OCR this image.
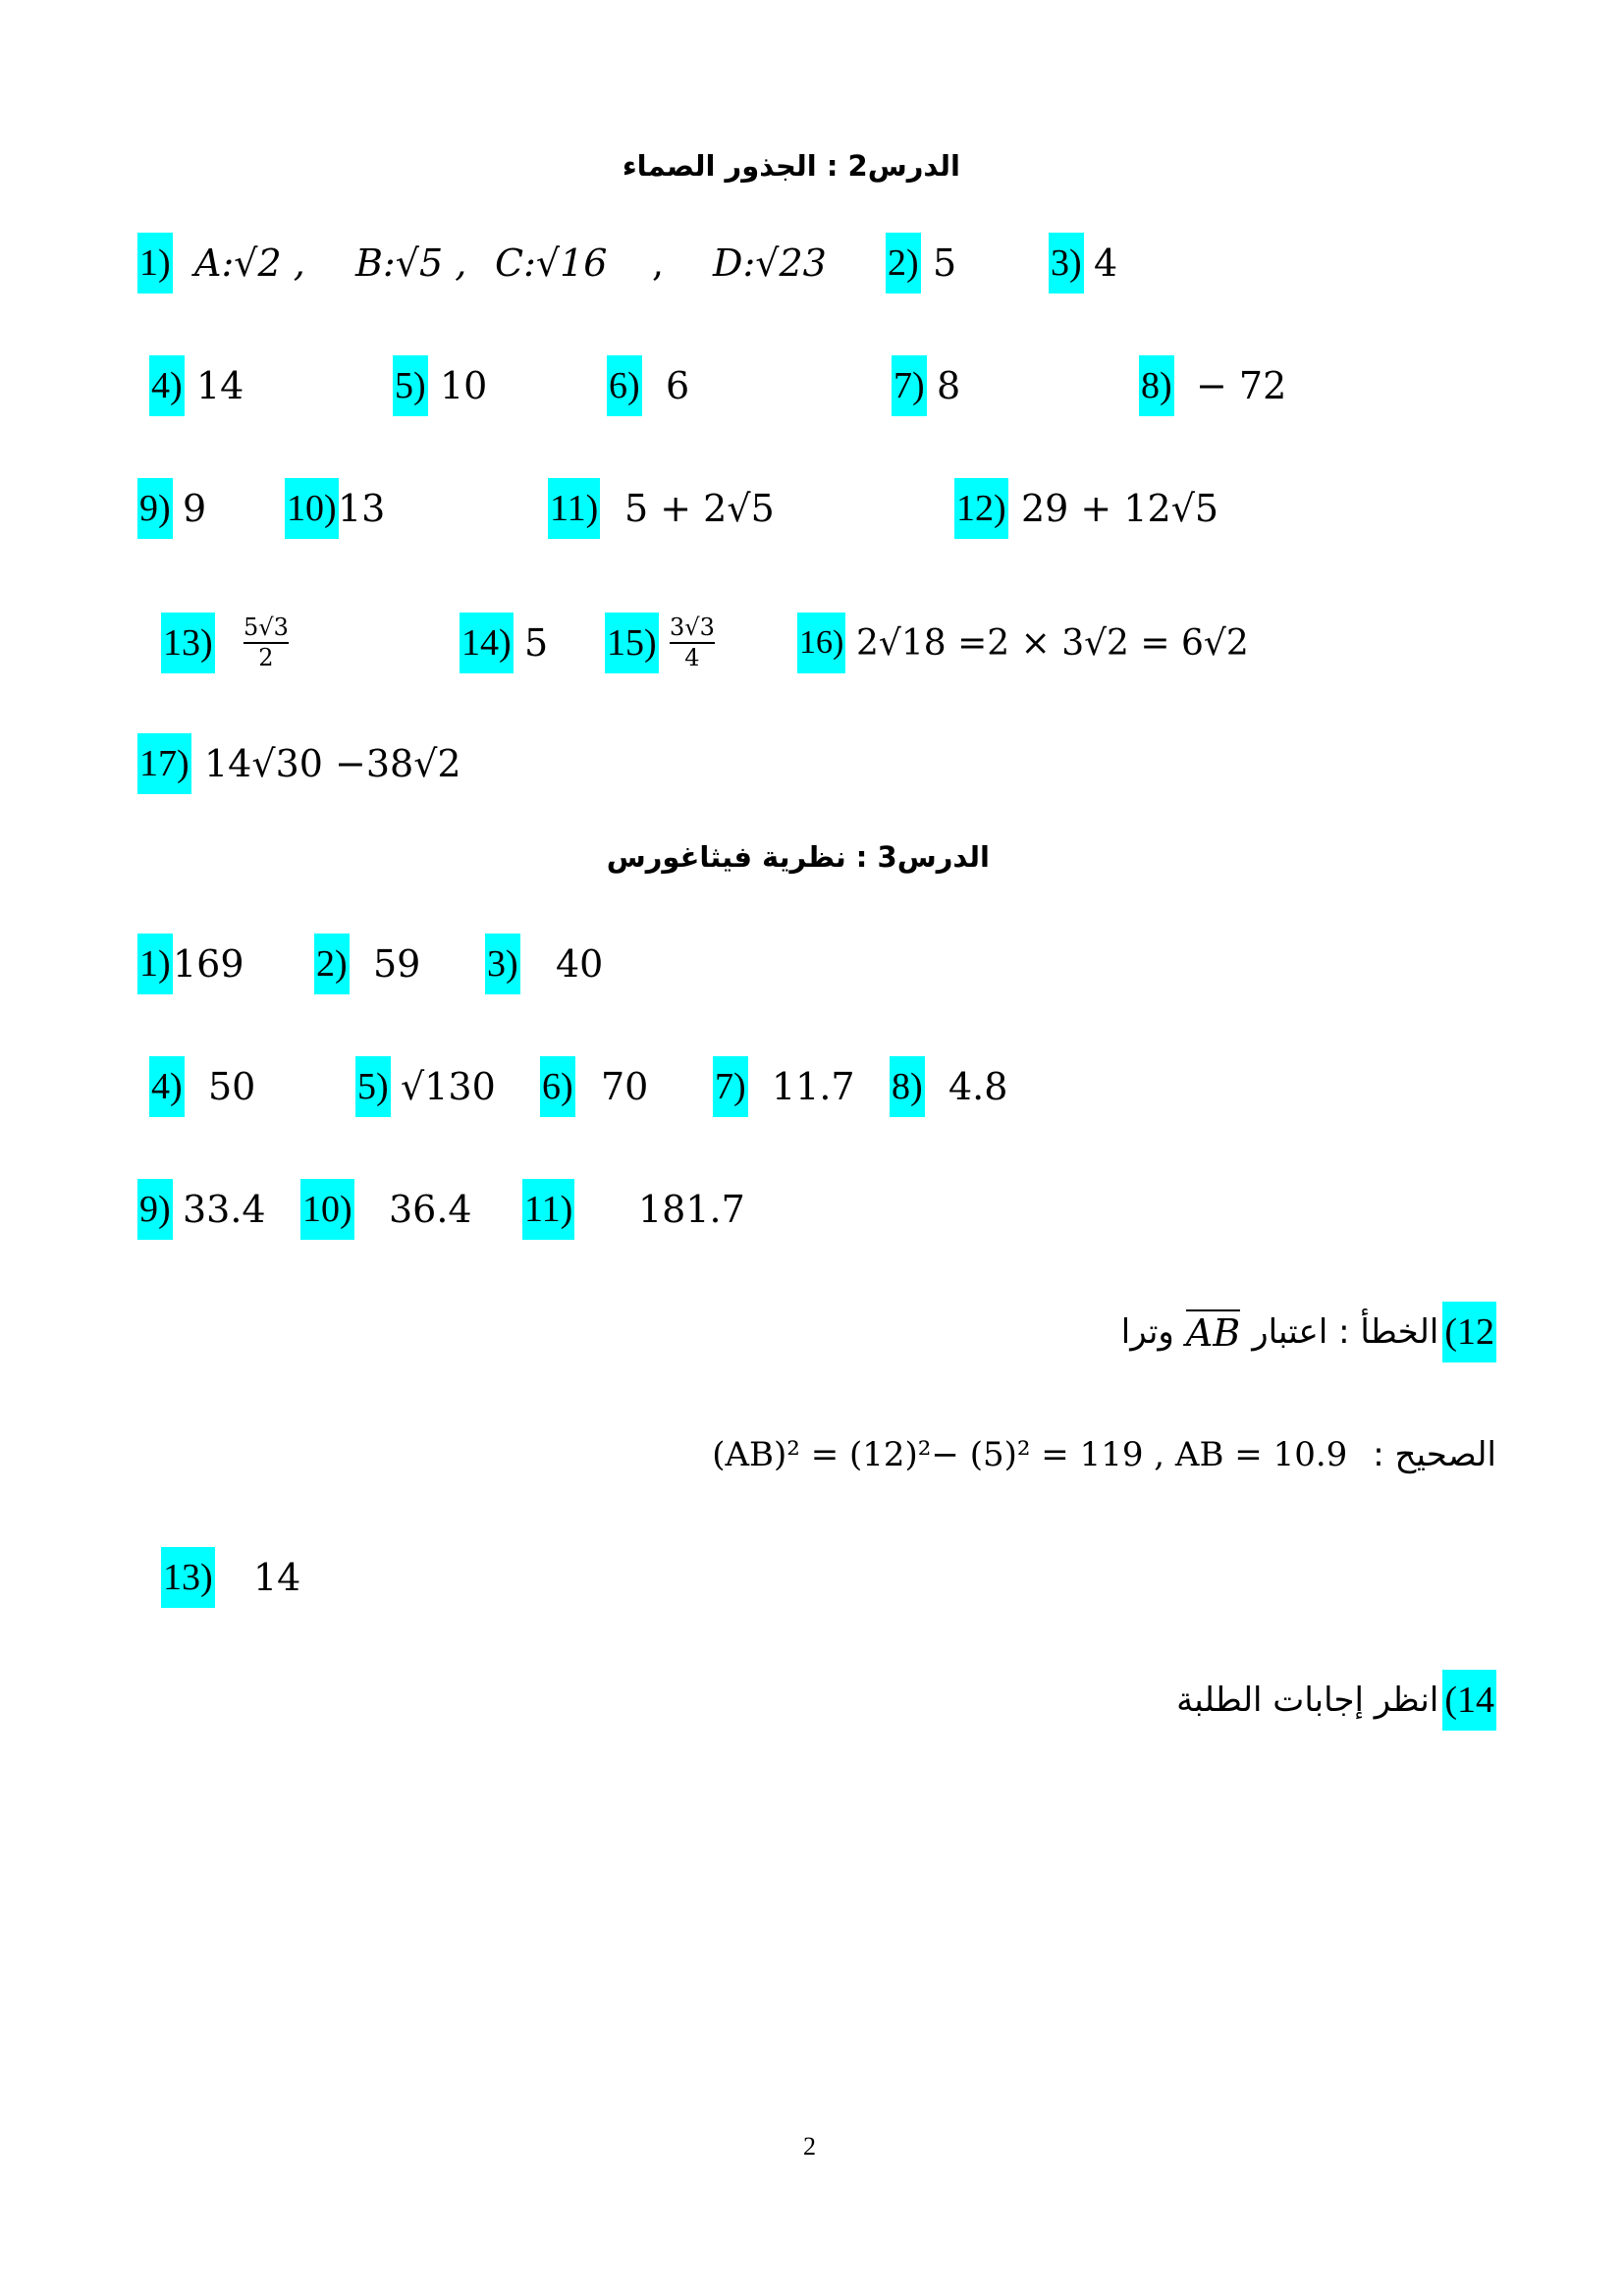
الدرس2 : الجذور الصماء
1) A:√2 , B:√5 , C:√16 , D:√23 2) 5	3) 4
4) 14	5) 10	6) 6	7) 8	8) − 72
9) 9 10) 13	11) 5 + 2√5	12) 29 + 12√5
$13) \frac{5√3}{2}$	14) 5 $15) \frac{3√3}{4}$	16) 2√18 =2 × 3√2 = 6√2
17) 14√30 −38√2
الدرس3 : نظرية فيثاغورس
1) 169 2) 59 3) 40
4) 50	5) √130 6) 70 7) 11.7 8) 4.8
9) 33.4 10) 36.4 11) 181.7
12)
الخطأ : اعتبار
AB
وترا
الصحيح :
(AB)² = (12)²− (5)² = 119 , AB = 10.9
13) 14
14)
انظر إجابات الطلبة
2
